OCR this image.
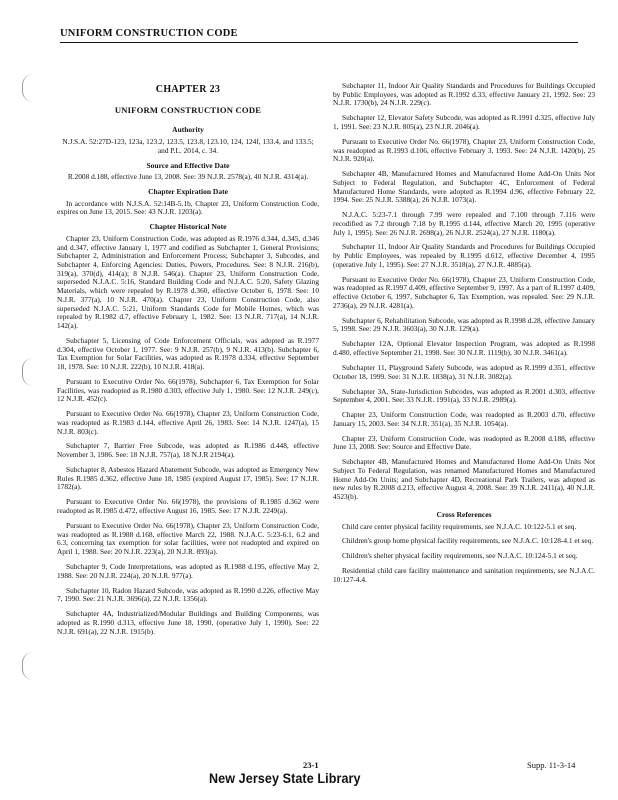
UNIFORM CONSTRUCTION CODE
CHAPTER 23
UNIFORM CONSTRUCTION CODE
Authority
N.J.S.A. 52:27D-123, 123a, 123.2, 123.5, 123.8, 123.10, 124, 124f, 133.4, and 133.5; and P.L. 2014, c. 34.
Source and Effective Date
R.2008 d.188, effective June 13, 2008. See: 39 N.J.R. 2578(a), 40 N.J.R. 4314(a).
Chapter Expiration Date

In accordance with N.J.S.A. 52:14B-5.1b, Chapter 23, Uniform Construction Code, expires on June 13, 2015. See: 43 N.J.R. 1203(a).

Chapter Historical Note

Chapter 23, Uniform Construction Code, was adopted as R.1976 d.344, d.345, d.346 and d.347, effective January 1, 1977 and codified as Subchapter 1, General Provisions; Subchapter 2, Administration and Enforcement Process; Subchapter 3, Subcodes, and Subchapter 4, Enforcing Agencies: Duties, Powers, Procedures. See: 8 N.J.R. 216(b), 319(a), 370(d), 414(a); 8 N.J.R. 546(a). Chapter 23, Uniform Construction Code, superseded N.J.A.C. 5:16, Standard Building Code and N.J.A.C. 5:20, Safety Glazing Materials, which were repealed by R.1978 d.360, effective October 6, 1978. See: 10 N.J.R. 377(a), 10 N.J.R. 470(a). Chapter 23, Uniform Construction Code, also superseded N.J.A.C. 5:21, Uniform Standards Code for Mobile Homes, which was repealed by R.1982 d.7, effective February 1, 1982. See: 13 N.J.R. 717(a), 14 N.J.R. 142(a).

Subchapter 5, Licensing of Code Enforcement Officials, was adopted as R.1977 d.304, effective October 1, 1977. See: 9 N.J.R. 257(b), 9 N.J.R. 413(b). Subchapter 6, Tax Exemption for Solar Facilities, was adopted as R.1978 d.334, effective September 18, 1978. See: 10 N.J.R. 222(b), 10 N.J.R. 418(a).

Pursuant to Executive Order No. 66(1978), Subchapter 6, Tax Exemption for Solar Facilities, was readopted as R.1980 d.303, effective July 1, 1980. See: 12 N.J.R. 249(c), 12 N.J.R. 452(c).

Pursuant to Executive Order No. 66(1978), Chapter 23, Uniform Construction Code, was readopted as R.1983 d.144, effective April 26, 1983. See: 14 N.J.R. 1247(a), 15 N.J.R. 803(c).

Subchapter 7, Barrier Free Subcode, was adopted as R.1986 d.448, effective November 3, 1986. See: 18 N.J.R. 757(a), 18 N.J.R 2194(a).

Subchapter 8, Asbestos Hazard Abatement Subcode, was adopted as Emergency New Rules R.1985 d.362, effective June 18, 1985 (expired August 17, 1985). See: 17 N.J.R. 1782(a).

Pursuant to Executive Order No. 66(1978), the provisions of R.1985 d.362 were readopted as R.1985 d.472, effective August 16, 1985. See: 17 N.J.R. 2249(a).

Pursuant to Executive Order No. 66(1978), Chapter 23, Uniform Construction Code, was readopted as R.1988 d.168, effective March 22, 1988. N.J.A.C. 5:23-6.1, 6.2 and 6.3, concerning tax exemption for solar facilities, were not readopted and expired on April 1, 1988. See: 20 N.J.R. 223(a), 20 N.J.R. 893(a).

Subchapter 9, Code Interpretations, was adopted as R.1988 d.195, effective May 2, 1988. See: 20 N.J.R. 224(a), 20 N.J.R. 977(a).

Subchapter 10, Radon Hazard Subcode, was adopted as R.1990 d.226, effective May 7, 1990. See: 21 N.J.R. 3696(a), 22 N.J.R. 1356(a).

Subchapter 4A, Industrialized/Modular Buildings and Building Components, was adopted as R.1990 d.313, effective June 18, 1990, (operative July 1, 1990). See: 22 N.J.R. 691(a), 22 N.J.R. 1915(b).

Subchapter 11, Indoor Air Quality Standards and Procedures for Buildings Occupied by Public Employees, was adopted as R.1992 d.33, effective January 21, 1992. See: 23 N.J.R. 1730(b), 24 N.J.R. 229(c).

Subchapter 12, Elevator Safety Subcode, was adopted as R.1991 d.325, effective July 1, 1991. See: 23 N.J.R. 805(a), 23 N.J.R. 2046(a).

Pursuant to Executive Order No. 66(1978), Chapter 23, Uniform Construction Code, was readopted as R.1993 d.106, effective February 3, 1993. See: 24 N.J.R. 1420(b), 25 N.J.R. 920(a).

Subchapter 4B, Manufactured Homes and Manufactured Home Add-On Units Not Subject to Federal Regulation, and Subchapter 4C, Enforcement of Federal Manufactured Home Standards, were adopted as R.1994 d.96, effective February 22, 1994. See: 25 N.J.R. 5388(a), 26 N.J.R. 1073(a).

N.J.A.C. 5:23-7.1 through 7.99 were repealed and 7.100 through 7.116 were recodified as 7.2 through 7.18 by R.1995 d.144, effective March 20, 1995 (operative July 1, 1995). See: 26 N.J.R. 2698(a), 26 N.J.R. 2524(a), 27 N.J.R. 1180(a).

Subchapter 11, Indoor Air Quality Standards and Procedures for Buildings Occupied by Public Employees, was repealed by R.1995 d.612, effective December 4, 1995 (operative July 1, 1995). See: 27 N.J.R. 3518(a), 27 N.J.R. 4885(a).

Pursuant to Executive Order No. 66(1978), Chapter 23, Uniform Construction Code, was readopted as R.1997 d.409, effective September 9, 1997. As a part of R.1997 d.409, effective October 6, 1997, Subchapter 6, Tax Exemption, was repealed. See: 29 N.J.R. 2736(a), 29 N.J.R. 4281(a).

Subchapter 6, Rehabilitation Subcode, was adopted as R.1998 d.28, effective January 5, 1998. See: 29 N.J.R. 3603(a), 30 N.J.R. 129(a).

Subchapter 12A, Optional Elevator Inspection Program, was adopted as R.1998 d.480, effective September 21, 1998. See: 30 N.J.R. 1119(b), 30 N.J.R. 3461(a).

Subchapter 11, Playground Safety Subcode, was adopted as R.1999 d.351, effective October 18, 1999. See: 31 N.J.R. 1838(a), 31 N.J.R. 3082(a).

Subchapter 3A, State-Jurisdiction Subcodes, was adopted as R.2001 d.303, effective September 4, 2001. See: 33 N.J.R. 1991(a), 33 N.J.R. 2989(a).

Chapter 23, Uniform Construction Code, was readopted as R.2003 d.70, effective January 15, 2003. See: 34 N.J.R. 351(a), 35 N.J.R. 1054(a).

Chapter 23, Uniform Construction Code, was readopted as R.2008 d.188, effective June 13, 2008. See: Source and Effective Date.

Subchapter 4B, Manufactured Homes and Manufactured Home Add-On Units Not Subject To Federal Regulation, was renamed Manufactured Homes and Manufactured Home Add-On Units; and Subchapter 4D, Recreational Park Trailers, was adopted as new rules by R.2008 d.213, effective August 4, 2008. See: 39 N.J.R. 2411(a), 40 N.J.R. 4523(b).

Cross References

Child care center physical facility requirements, see N.J.A.C. 10:122-5.1 et seq.

Children's group home physical facility requirements, see N.J.A.C. 10:128-4.1 et seq.

Children's shelter physical facility requirements, see N.J.A.C. 10:124-5.1 et seq.

Residential child care facility maintenance and sanitation requirements, see N.J.A.C. 10:127-4.4.

23-1	Supp. 11-3-14
New Jersey State Library
